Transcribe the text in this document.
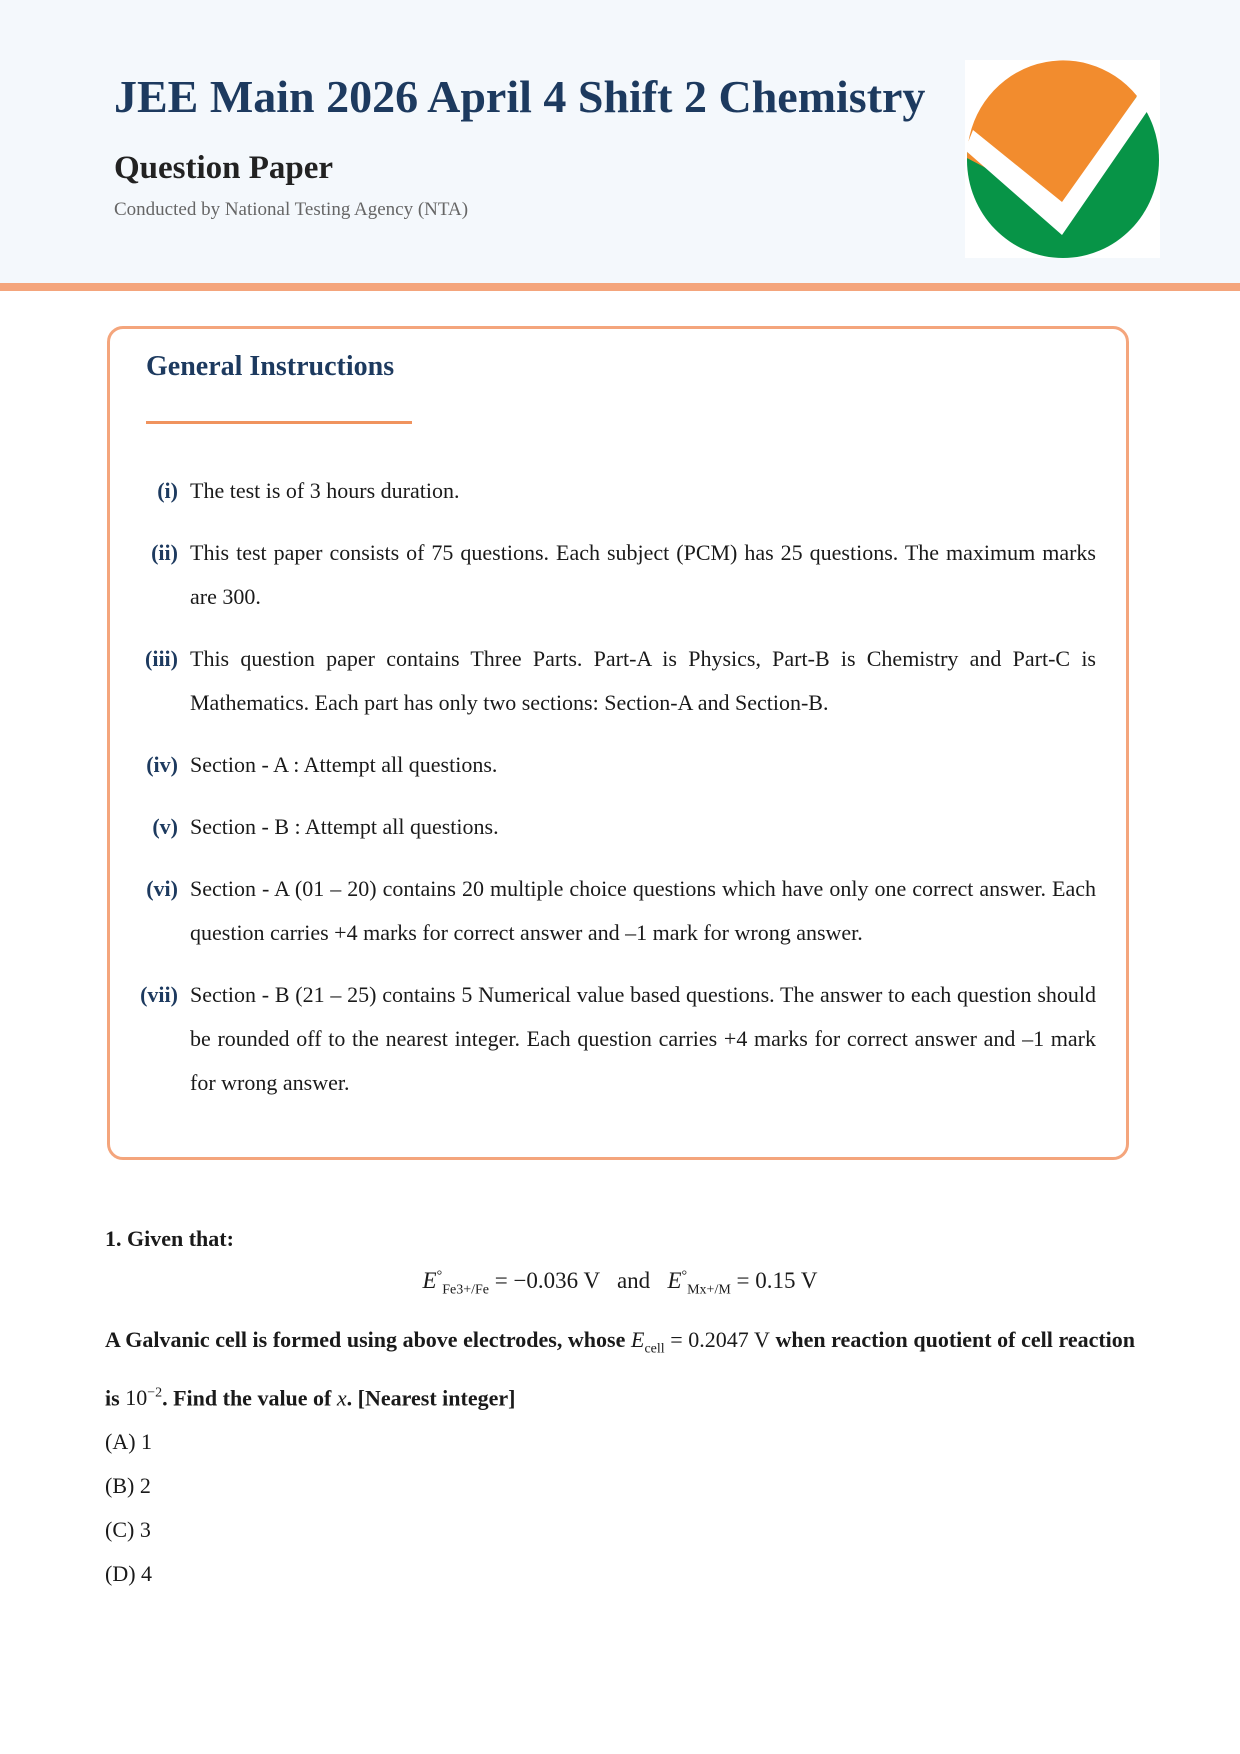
JEE Main 2026 April 4 Shift 2 Chemistry
Question Paper
Conducted by National Testing Agency (NTA)
General Instructions
(i) The test is of 3 hours duration.
(ii) This test paper consists of 75 questions. Each subject (PCM) has 25 questions. The maximum marks are 300.
(iii) This question paper contains Three Parts. Part-A is Physics, Part-B is Chemistry and Part-C is Mathematics. Each part has only two sections: Section-A and Section-B.
(iv) Section - A : Attempt all questions.
(v) Section - B : Attempt all questions.
(vi) Section - A (01 – 20) contains 20 multiple choice questions which have only one correct answer. Each question carries +4 marks for correct answer and –1 mark for wrong answer.
(vii) Section - B (21 – 25) contains 5 Numerical value based questions. The answer to each question should be rounded off to the nearest integer. Each question carries +4 marks for correct answer and –1 mark for wrong answer.
1. Given that:
$E^\circ_{Fe3+/Fe} = -0.036$ V and $E^\circ_{Mx+/M} = 0.15$ V
A Galvanic cell is formed using above electrodes, whose $E_{cell} = 0.2047$ V when reaction quotient of cell reaction is $10^{-2}$. Find the value of x. [Nearest integer]
(A) 1
(B) 2
(C) 3
(D) 4
